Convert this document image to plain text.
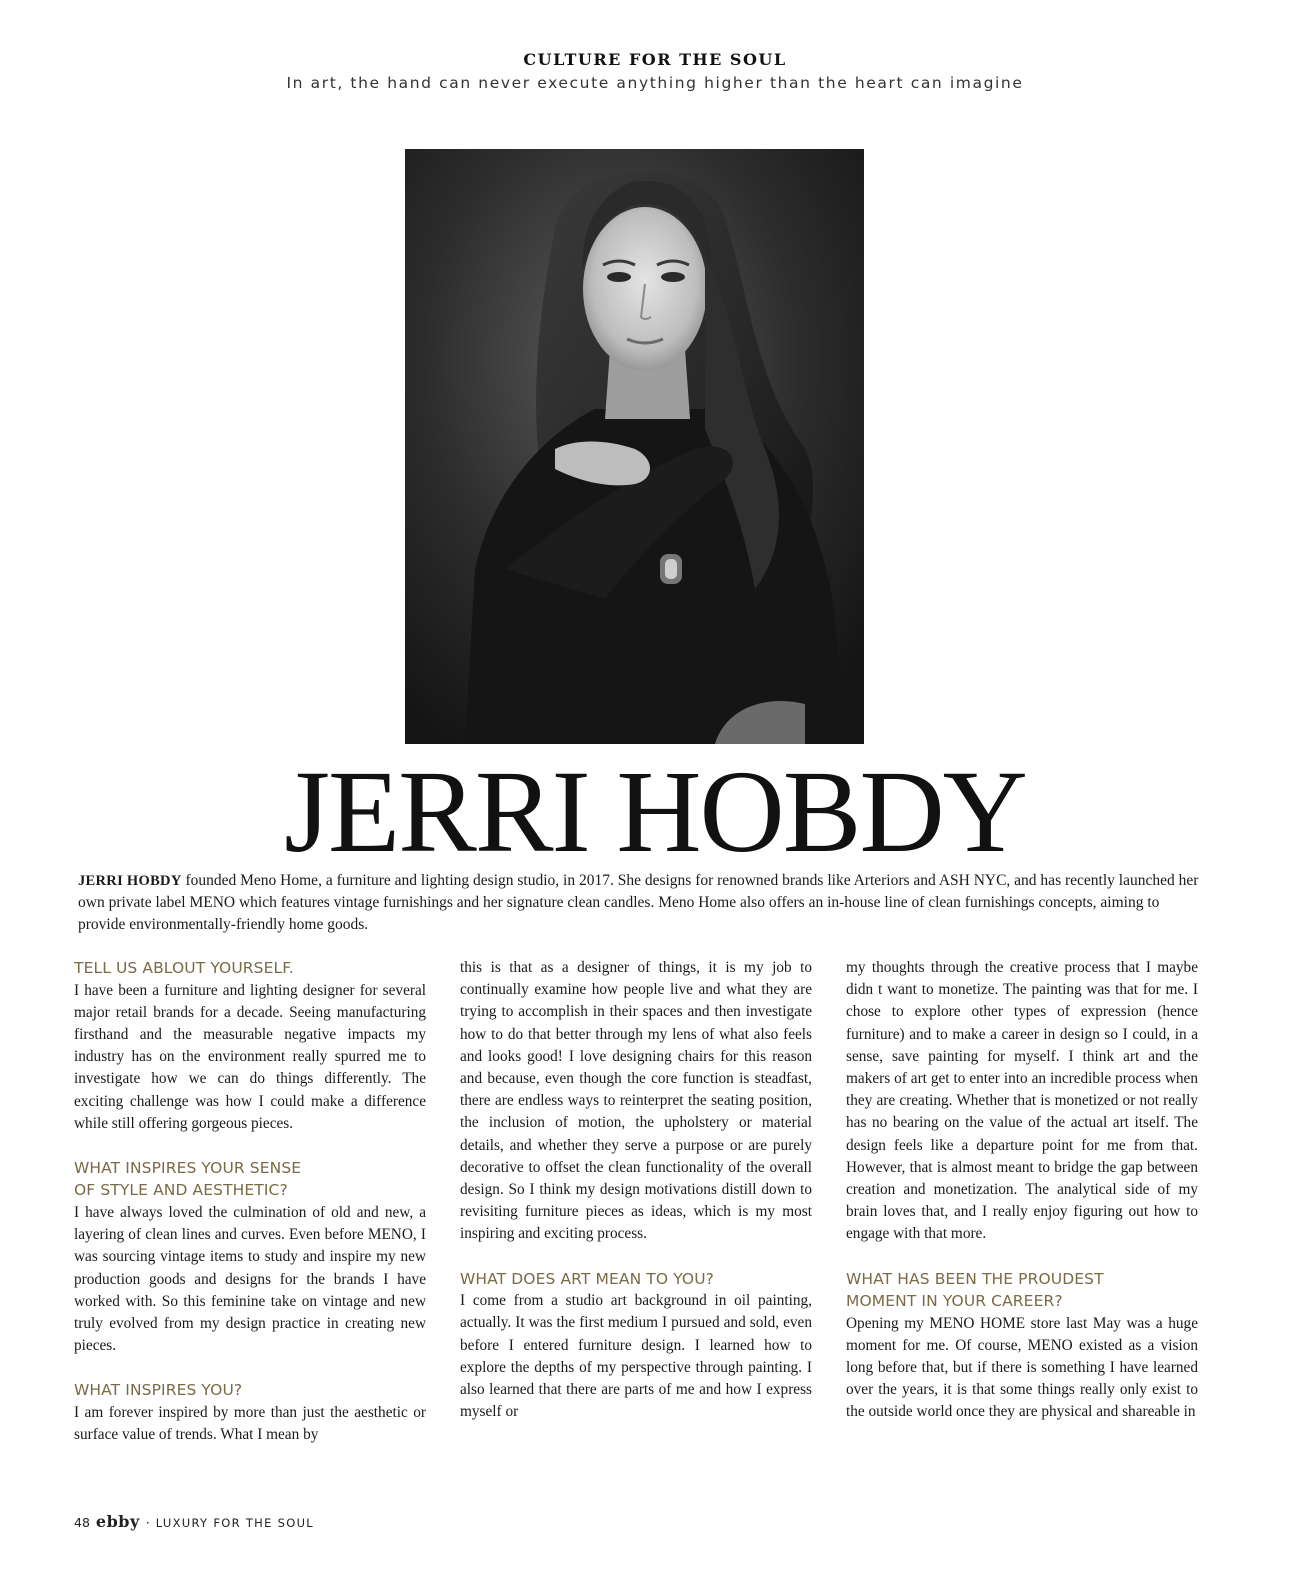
CULTURE FOR THE SOUL
In art, the hand can never execute anything higher than the heart can imagine
JERRI HOBDY
JERRI HOBDY founded Meno Home, a furniture and lighting design studio, in 2017. She designs for renowned brands like Arteriors and ASH NYC, and has recently launched her own private label MENO which features vintage furnishings and her signature clean candles. Meno Home also offers an in-house line of clean furnishings concepts, aiming to provide environmentally-friendly home goods.

TELL US ABLOUT YOURSELF.

I have been a furniture and lighting designer for several major retail brands for a decade. Seeing manufacturing firsthand and the measurable negative impacts my industry has on the environment really spurred me to investigate how we can do things differently. The exciting challenge was how I could make a difference while still offering gorgeous pieces.

WHAT INSPIRES YOUR SENSE
OF STYLE AND AESTHETIC?

I have always loved the culmination of old and new, a layering of clean lines and curves. Even before MENO, I was sourcing vintage items to study and inspire my new production goods and designs for the brands I have worked with. So this feminine take on vintage and new truly evolved from my design practice in creating new pieces.

WHAT INSPIRES YOU?

I am forever inspired by more than just the aesthetic or surface value of trends. What I mean by

this is that as a designer of things, it is my job to continually examine how people live and what they are trying to accomplish in their spaces and then investigate how to do that better through my lens of what also feels and looks good! I love designing chairs for this reason and because, even though the core function is steadfast, there are endless ways to reinterpret the seating position, the inclusion of motion, the upholstery or material details, and whether they serve a purpose or are purely decorative to offset the clean functionality of the overall design. So I think my design motivations distill down to revisiting furniture pieces as ideas, which is my most inspiring and exciting process.

WHAT DOES ART MEAN TO YOU?

I come from a studio art background in oil painting, actually. It was the first medium I pursued and sold, even before I entered furniture design. I learned how to explore the depths of my perspective through painting. I also learned that there are parts of me and how I express myself or

my thoughts through the creative process that I maybe didn t want to monetize. The painting was that for me. I chose to explore other types of expression (hence furniture) and to make a career in design so I could, in a sense, save painting for myself. I think art and the makers of art get to enter into an incredible process when they are creating. Whether that is monetized or not really has no bearing on the value of the actual art itself. The design feels like a departure point for me from that. However, that is almost meant to bridge the gap between creation and monetization. The analytical side of my brain loves that, and I really enjoy figuring out how to engage with that more.

WHAT HAS BEEN THE PROUDEST
MOMENT IN YOUR CAREER?

Opening my MENO HOME store last May was a huge moment for me. Of course, MENO existed as a vision long before that, but if there is something I have learned over the years, it is that some things really only exist to the outside world once they are physical and shareable in

48 ebby · LUXURY FOR THE SOUL
